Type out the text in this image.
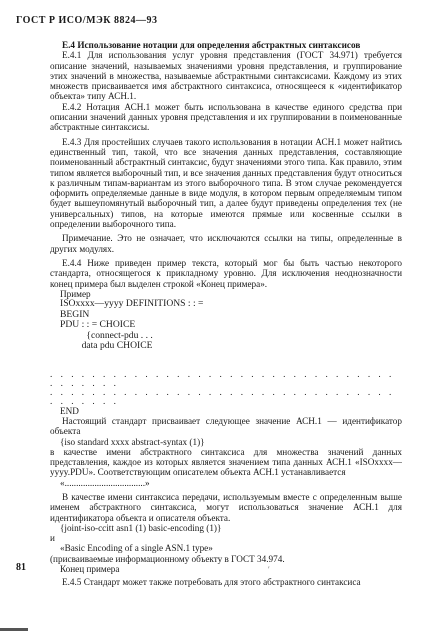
ГОСТ Р ИСО/МЭК 8824—93

Е.4 Использование нотации для определения абстрактных синтаксисов

Е.4.1 Для использования услуг уровня представления (ГОСТ 34.971) требуется описание значений, называемых значениями уровня представления, и группирование этих значений в множества, называемые абстрактными синтаксисами. Каждому из этих множеств присваивается имя абстрактного синтаксиса, относящееся к «идентификатор объекта» типу АСН.1.

Е.4.2 Нотация АСН.1 может быть использована в качестве единого средства при описании значений данных уровня представления и их группировании в поименованные абстрактные синтаксисы.

Е.4.3 Для простейших случаев такого использования в нотации АСН.1 может найтись единственный тип, такой, что все значения данных представления, составляющие поименованный абстрактный синтаксис, будут значениями этого типа. Как правило, этим типом является выборочный тип, и все значения данных представления будут относиться к различным типам-вариантам из этого выборочного типа. В этом случае рекомендуется оформить определяемые данные в виде модуля, в котором первым определяемым типом будет вышеупомянутый выборочный тип, а далее будут приведены определения тех (не универсальных) типов, на которые имеются прямые или косвенные ссылки в определении выборочного типа.

Примечание. Это не означает, что исключаются ссылки на типы, определенные в других модулях.

Е.4.4 Ниже приведен пример текста, который мог бы быть частью некоторого стандарта, относящегося к прикладному уровню. Для исключения неоднозначности конец примера был выделен строкой «Конец примера».

Пример

ISOxxxx—yyyy DEFINITIONS : : =

BEGIN

PDU : : = CHOICE

{connect-pdu . . .

data pdu CHOICE

. . . . . . . . . . . . . . . . . . . . . . . . . . . . . . . . . . . . . . . .

. . . . . . . . . . . . . . . . . . . . . . . . . . . . . . . . . . . . . . . .

END

Настоящий стандарт присваивает следующее значение АСН.1 — идентификатор объекта

{iso standard xxxx abstract-syntax (1)}

в качестве имени абстрактного синтаксиса для множества значений данных представления, каждое из которых является значением типа данных АСН.1 «ISOxxxx—yyyy.PDU». Соответствующим описателем объекта АСН.1 устанавливается

«...................................»

В качестве имени синтаксиса передачи, используемым вместе с определенным выше именем абстрактного синтаксиса, могут использоваться значение АСН.1 для идентификатора объекта и описателя объекта.

{joint-iso-ccitt asn1 (1) basic-encoding (1)}

и

«Basic Encoding of a single ASN.1 type»

(присваиваемые информационному объекту в ГОСТ 34.974.

Конец примера

Е.4.5 Стандарт может также потребовать для этого абстрактного синтаксиса

81	′
